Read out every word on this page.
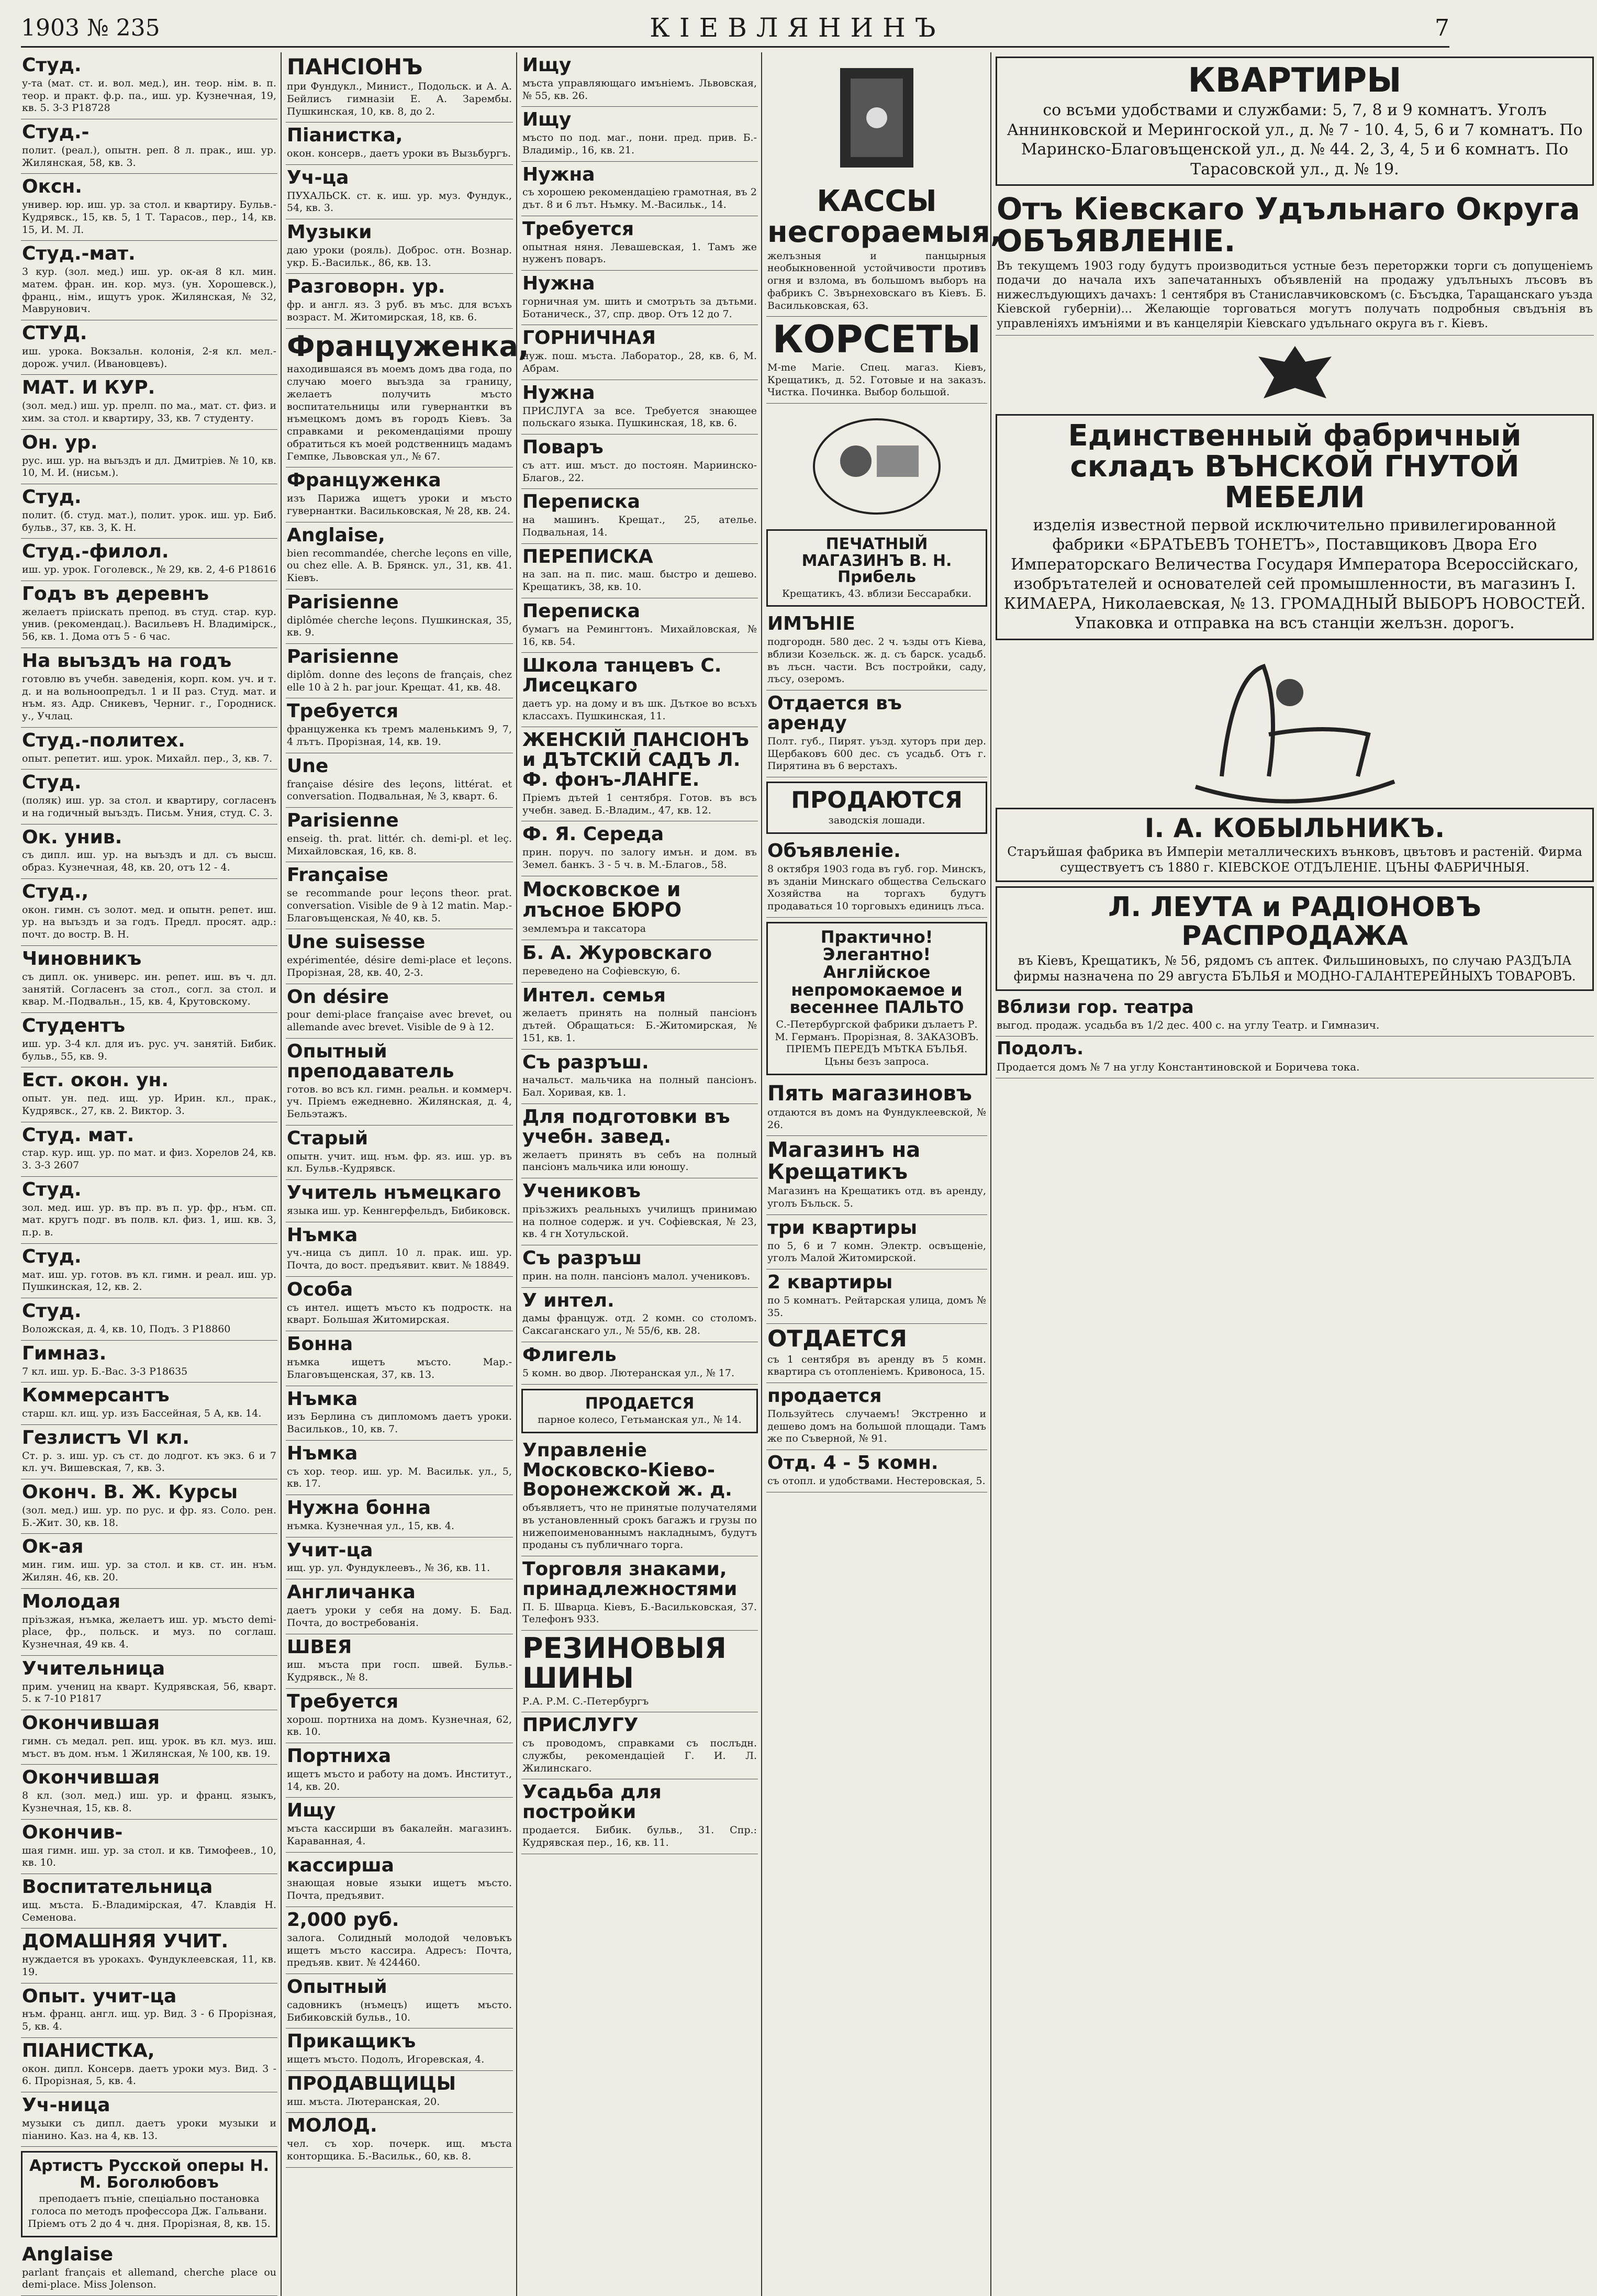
1903 № 235	КIЕВЛЯНИНЪ	7
Студ.

у-та (мат. ст. и. вол. мед.), ин. теор. нiм. в. п. теор. и практ. ф.р. па., иш. ур. Кузнечная, 19, кв. 5. 3-3 Р18728

Студ.-

полит. (реал.), опытн. реп. 8 л. прак., иш. ур. Жилянская, 58, кв. 3.

Оксн.

универ. юр. иш. ур. за стол. и квартиру. Бульв.-Кудрявск., 15, кв. 5, 1 Т. Тарасов., пер., 14, кв. 15, И. М. Л.

Студ.-мат.

3 кур. (зол. мед.) иш. ур. ок-ая 8 кл. мин. матем. фран. ин. кор. муз. (ун. Хорошевск.), франц., нiм., ищутъ урок. Жилянская, № 32, Маврунович.

СТУД.

иш. урока. Вокзальн. колонiя, 2-я кл. мел.-дорож. учил. (Ивановцевъ).

МАТ. И КУР.

(зол. мед.) иш. ур. прелп. по ма., мат. ст. физ. и хим. за стол. и квартиру, 33, кв. 7 студенту.

Он. ур.

рус. иш. ур. на выъздъ и дл. Дмитрiев. № 10, кв. 10, М. И. (ниcьм.).

Студ.

полит. (б. студ. мат.), полит. урок. иш. ур. Биб. бульв., 37, кв. 3, К. Н.

Студ.-филол.

иш. ур. урок. Гоголевск., № 29, кв. 2, 4-6 Р18616

Годъ въ деревнъ

желаетъ прiискать препод. въ студ. стар. кур. унив. (рекомендац.). Васильевъ Н. Владимiрск., 56, кв. 1. Дома отъ 5 - 6 час.

На выъздъ на годъ

готовлю въ учебн. заведенiя, корп. ком. уч. и т. д. и на вольноопредъл. 1 и II раз. Студ. мат. и нъм. яз. Адр. Сникевъ, Черниг. г., Городниск. у., Учлац.

Студ.-политех.

опыт. репетит. иш. урок. Михайл. пер., 3, кв. 7.

Студ.

(поляк) иш. ур. за стол. и квартиру, согласенъ и на годичный выъздъ. Письм. Уния, студ. С. 3.

Ок. унив.

съ дипл. иш. ур. на выъздъ и дл. съ высш. образ. Кузнечная, 48, кв. 20, отъ 12 - 4.

Студ.,

окон. гимн. съ золот. мед. и опытн. репет. иш. ур. на выъздъ и за годъ. Предл. просят. адр.: почт. до востр. В. Н.

Чиновникъ

съ дипл. ок. универс. ин. репет. иш. въ ч. дл. занятiй. Согласенъ за стол., согл. за стол. и квар. М.-Подвальн., 15, кв. 4, Крутовскому.

Студентъ

иш. ур. 3-4 кл. для иъ. рус. уч. занятiй. Бибик. бульв., 55, кв. 9.

Ест. окон. ун.

опыт. ун. пед. ищ. ур. Ирин. кл., прак., Кудрявск., 27, кв. 2. Виктор. 3.

Студ. мат.

стар. кур. ищ. ур. по мат. и физ. Хорелов 24, кв. 3. 3-3 2607

Студ.

зол. мед. иш. ур. въ пр. въ п. ур. фр., нъм. сп. мат. кругъ подг. въ полв. кл. физ. 1, иш. кв. 3, п.р. в.

Студ.

мат. иш. ур. готов. въ кл. гимн. и реал. иш. ур. Пушкинская, 12, кв. 2.

Студ.

Воложская, д. 4, кв. 10, Подъ. 3 Р18860

Гимназ.

7 кл. иш. ур. Б.-Вас. 3-3 Р18635

Коммерсантъ

старш. кл. ищ. ур. изъ Бассейная, 5 А, кв. 14.

Гезлистъ VI кл.

Ст. р. з. иш. ур. съ ст. до лодгот. къ экз. 6 и 7 кл. уч. Вишевская, 7, кв. 3.

Оконч. В. Ж. Курсы

(зол. мед.) иш. ур. по рус. и фр. яз. Соло. рен. Б.-Жит. 30, кв. 18.

Ок-ая

мин. гим. иш. ур. за стол. и кв. ст. ин. нъм. Жилян. 46, кв. 20.

Молодая

прiъзжая, нъмка, желаетъ иш. ур. мъсто demi-place, фр., польск. и муз. по соглаш. Кузнечная, 49 кв. 4.

Учительница

прим. учениц на кварт. Кудрявская, 56, кварт. 5. к 7-10 Р1817

Окончившая

гимн. съ медал. реп. ищ. урок. въ кл. муз. иш. мъст. въ дом. нъм. 1 Жилянская, № 100, кв. 19.

Окончившая

8 кл. (зол. мед.) иш. ур. и франц. языкъ, Кузнечная, 15, кв. 8.

Окончив-

шая гимн. иш. ур. за стол. и кв. Тимофеев., 10, кв. 10.

Воспитательница

ищ. мъста. Б.-Владимiрская, 47. Клавдiя Н. Семенова.

ДОМАШНЯЯ УЧИТ.

нуждается въ урокахъ. Фундуклеевская, 11, кв. 19.

Опыт. учит-ца

нъм. франц. англ. ищ. ур. Вид. 3 - 6 Прорiзная, 5, кв. 4.

ПIАНИСТКА,

окон. дипл. Консерв. даетъ уроки муз. Вид. 3 - 6. Прорiзная, 5, кв. 4.

Уч-ница

музыки съ дипл. даетъ уроки музыки и пiанино. Каз. на 4, кв. 13.

Артистъ Русской оперы Н. М. Боголюбовъ

преподаетъ пънiе, спецiально постановка голоса по методъ профессора Дж. Гальвани. Прiемъ отъ 2 до 4 ч. дня. Прорiзная, 8, кв. 15.

Anglaise

parlant français et allemand, cherche place ou demi-place. Miss Jolenson.

ПАНСIОНЪ

при Фундукл., Минист., Подольск. и А. А. Бейлисъ гимназiи Е. А. Зарембы. Пушкинская, 10, кв. 8, до 2.

Пiанистка,

окон. консерв., даетъ уроки въ Вызьбургъ.

Уч-ца

ПУХАЛЬСК. ст. к. иш. ур. муз. Фундук., 54, кв. 3.

Музыки

даю уроки (рояль). Доброс. отн. Вознар. укр. Б.-Васильк., 86, кв. 13.

Разговорн. ур.

фр. и англ. яз. 3 руб. въ мъс. для всъхъ возраст. М. Житомирская, 18, кв. 6.

Француженка,

находившаяся въ моемъ домъ два года, по случаю моего выъзда за границу, желаетъ получить мъсто воспитательницы или гувернантки въ нъмецкомъ домъ въ городъ Кiевъ. За справками и рекомендацiями прошу обратиться къ моей родственницъ мадамъ Гемпке, Львовская ул., № 67.

Француженка

изъ Парижа ищетъ уроки и мъсто гувернантки. Васильковская, № 28, кв. 24.

Anglaise,

bien recommandée, cherche leçons en ville, ou chez elle. A. B. Брянск. ул., 31, кв. 41. Кiевъ.

Parisienne

diplômée cherche leçons. Пушкинская, 35, кв. 9.

Parisienne

diplôm. donne des leçons de français, chez elle 10 à 2 h. par jour. Крещат. 41, кв. 48.

Требуется

француженка къ тремъ маленькимъ 9, 7, 4 лътъ. Прорiзная, 14, кв. 19.

Une

française désire des leçons, littérat. et conversation. Подвальная, № 3, кварт. 6.

Parisienne

enseig. th. prat. littér. ch. demi-pl. et leç. Михайловская, 16, кв. 8.

Française

se recommande pour leçons theor. prat. conversation. Visible de 9 à 12 matin. Мар.-Благовъщенская, № 40, кв. 5.

Une suisesse

expérimentée, désire demi-place et leçons. Прорiзная, 28, кв. 40, 2-3.

On désire

pour demi-place française avec brevet, ou allemande avec brevet. Visible de 9 à 12.

Опытный преподаватель

готов. во всъ кл. гимн. реальн. и коммерч. уч. Прiемъ ежедневно. Жилянская, д. 4, Бельэтажъ.

Старый

опытн. учит. ищ. нъм. фр. яз. иш. ур. въ кл. Бульв.-Кудрявск.

Учитель нъмецкаго

языка иш. ур. Кеннгерфельдъ, Бибиковск.

Нъмка

уч.-ница съ дипл. 10 л. прак. иш. ур. Почта, до вост. предъявит. квит. № 18849.

Особа

съ интел. ищетъ мъсто къ подростк. на кварт. Большая Житомирская.

Бонна

нъмка ищетъ мъсто. Мар.-Благовъщенская, 37, кв. 13.

Нъмка

изъ Берлина съ дипломомъ даетъ уроки. Васильков., 10, кв. 7.

Нъмка

съ хор. теор. иш. ур. М. Васильк. ул., 5, кв. 17.

Нужна бонна

нъмка. Кузнечная ул., 15, кв. 4.

Учит-ца

ищ. ур. ул. Фундуклеевъ., № 36, кв. 11.

Англичанка

даетъ уроки у себя на дому. Б. Бад. Почта, до востребованiя.

ШВЕЯ

иш. мъста при госп. швей. Бульв.-Кудрявск., № 8.

Требуется

хорош. портниха на домъ. Кузнечная, 62, кв. 10.

Портниха

ищетъ мъсто и работу на домъ. Институт., 14, кв. 20.

Ищу

мъста кассирши въ бакалейн. магазинъ. Караванная, 4.

кассирша

знающая новые языки ищетъ мъсто. Почта, предъявит.

2,000 руб.

залога. Солидный молодой человъкъ ищетъ мъсто кассира. Адресъ: Почта, предъяв. квит. № 424460.

Опытный

садовникъ (нъмецъ) ищетъ мъсто. Бибиковскiй бульв., 10.

Прикащикъ

ищетъ мъсто. Подолъ, Игоревская, 4.

ПРОДАВЩИЦЫ

иш. мъста. Лютеранская, 20.

МОЛОД.

чел. съ хор. почерк. ищ. мъста конторщика. Б.-Васильк., 60, кв. 8.

Ищу

мъста управляющаго имънiемъ. Львовская, № 55, кв. 26.

Ищу

мъсто по под. маг., пони. пред. прив. Б.-Владимiр., 16, кв. 21.

Нужна

съ хорошею рекомендацiею грамотная, въ 2 дът. 8 и 6 лът. Нъмку. М.-Васильк., 14.

Требуется

опытная няня. Левашевская, 1. Тамъ же нуженъ поваръ.

Нужна

горничная ум. шить и смотръть за дътьми. Ботаническ., 37, спр. двор. Отъ 12 до 7.

ГОРНИЧНАЯ

нуж. пош. мъста. Лаборатор., 28, кв. 6, М. Абрам.

Нужна

ПРИСЛУГА за все. Требуется знающее польскаго языка. Пушкинская, 18, кв. 6.

Поваръ

съ атт. иш. мъст. до постоян. Мариинско-Благов., 22.

Переписка

на машинъ. Крещат., 25, ателье. Подвальная, 14.

ПЕРЕПИСКА

на зап. на п. пис. маш. быстро и дешево. Крещатикъ, 38, кв. 10.

Переписка

бумагъ на Ремингтонъ. Михайловская, № 16, кв. 54.

Школа танцевъ С. Лисецкаго

даетъ ур. на дому и въ шк. Дъткое во всъхъ классахъ. Пушкинская, 11.

ЖЕНСКIЙ ПАНСIОНЪ и ДЪТСКIЙ САДЪ Л. Ф. фонъ-ЛАНГЕ.

Прiемъ дътей 1 сентября. Готов. въ всъ учебн. завед. Б.-Владим., 47, кв. 12.

Ф. Я. Середа

прин. поруч. по залогу имън. и дом. въ Земел. банкъ. 3 - 5 ч. в. М.-Благов., 58.

Московское и лъсное БЮРО

землемъра и таксатора

Б. А. Журовскаго

переведено на Софiевскую, 6.

Интел. семья

желаетъ принять на полный пансiонъ дътей. Обращаться: Б.-Житомирская, № 151, кв. 1.

Съ разръш.

начальст. мальчика на полный пансiонъ. Бал. Хоривая, кв. 1.

Для подготовки въ учебн. завед.

желаетъ принять въ себъ на полный пансiонъ мальчика или юношу.

Учениковъ

прiъзжихъ реальныхъ училищъ принимаю на полное содерж. и уч. Софiевская, № 23, кв. 4 гн Хотульской.

Съ разръш

прин. на полн. пансiонъ малол. учениковъ.

У интел.

дамы француж. отд. 2 комн. со столомъ. Саксаганскаго ул., № 55/6, кв. 28.

Флигель

5 комн. во двор. Лютеранская ул., № 17.

ПРОДАЕТСЯ

парное колесо, Гетьманская ул., № 14.

Управленiе Московско-Кiево-Воронежской ж. д.

объявляетъ, что не принятые получателями въ установленный срокъ багажъ и грузы по нижепоименованнымъ накладнымъ, будутъ проданы съ публичнаго торга.

Торговля знаками, принадлежностями

П. Б. Шварца. Кiевъ, Б.-Васильковская, 37. Телефонъ 933.

РЕЗИНОВЫЯ ШИНЫ

Р.А. Р.М. С.-Петербургъ

ПРИСЛУГУ

съ проводомъ, справками съ послъдн. службы, рекомендацiей Г. И. Л. Жилинскаго.

Усадьба для постройки

продается. Бибик. бульв., 31. Спр.: Кудрявская пер., 16, кв. 11.

КАССЫ несгораемыя,

желъзныя и панцырныя необыкновенной устойчивости противъ огня и взлома, въ большомъ выборъ на фабрикъ С. Звърнеховскаго въ Кiевъ. Б. Васильковская, 63.

КОРСЕТЫ

M-me Marie. Спец. магаз. Кiевъ, Крещатикъ, д. 52. Готовые и на заказъ. Чистка. Починка. Выбор большой.

ПЕЧАТНЫЙ МАГАЗИНЪ В. Н. Прибель

Крещатикъ, 43. вблизи Бессарабки.

ИМЪНIЕ

подгородн. 580 дес. 2 ч. ъзды отъ Кiева, вблизи Козельск. ж. д. съ барск. усадьб. въ лъсн. части. Всъ постройки, саду, лъсу, озеромъ.

Отдается въ аренду

Полт. губ., Пирят. уъзд. хуторъ при дер. Щербаковъ 600 дес. съ усадьб. Отъ г. Пирятина въ 6 верстахъ.

ПРОДАЮТСЯ

заводскiя лошади.

Объявленiе.

8 октября 1903 года въ губ. гор. Минскъ, въ зданiи Минскаго общества Сельскаго Хозяйства на торгахъ будутъ продаваться 10 торговыхъ единицъ лъса.

Практично! Элегантно! Англiйское непромокаемое и весеннее ПАЛЬТО

С.-Петербургской фабрики дълаетъ Р. М. Германъ. Прорiзная, 8. ЗАКАЗОВЪ. ПРIЕМЪ ПЕРЕДЪ МЪТКА БЪЛЬЯ. Цъны безъ запроса.

Пять магазиновъ

отдаются въ домъ на Фундуклеевской, № 26.

Магазинъ на Крещатикъ

Магазинъ на Крещатикъ отд. въ аренду, уголъ Бъльск. 5.

три квартиры

по 5, 6 и 7 комн. Электр. освъщенiе, уголъ Малой Житомирской.

2 квартиры

по 5 комнатъ. Рейтарская улица, домъ № 35.

ОТДАЕТСЯ

съ 1 сентября въ аренду въ 5 комн. квартира съ отопленiемъ. Кривоноса, 15.

продается

Пользуйтесь случаемъ! Экстренно и дешево домъ на большой площади. Тамъ же по Съверной, № 91.

Отд. 4 - 5 комн.

съ отопл. и удобствами. Нестеровская, 5.

КВАРТИРЫ

со всъми удобствами и службами: 5, 7, 8 и 9 комнатъ. Уголъ Аннинковской и Мерингоской ул., д. № 7 - 10. 4, 5, 6 и 7 комнатъ. По Маринско-Благовъщенской ул., д. № 44. 2, 3, 4, 5 и 6 комнатъ. По Тарасовской ул., д. № 19.

Отъ Кiевскаго Удъльнаго Округа ОБЪЯВЛЕНIЕ.

Въ текущемъ 1903 году будутъ производиться устные безъ переторжки торги съ допущенiемъ подачи до начала ихъ запечатанныхъ объявленiй на продажу удълъныхъ лъсовъ въ нижеслъдующихъ дачахъ: 1 сентября въ Станиславчиковскомъ (с. Бъсъдка, Таращанскаго уъзда Кiевской губернiи)... Желающiе торговаться могутъ получать подробныя свъдънiя въ управленiяхъ имънiями и въ канцелярiи Кiевскаго удъльнаго округа въ г. Кiевъ.

Единственный фабричный складъ ВЪНСКОЙ ГНУТОЙ МЕБЕЛИ

изделiя известной первой исключительно привилегированной фабрики «БРАТЬЕВЪ ТОНЕТЪ», Поставщиковъ Двора Его Императорскаго Величества Государя Императора Всероссiйскаго, изобрътателей и основателей сей промышленности, въ магазинъ I. КИМАЕРА, Николаевская, № 13. ГРОМАДНЫЙ ВЫБОРЪ НОВОСТЕЙ. Упаковка и отправка на всъ станцiи желъзн. дорогъ.

I. А. КОБЫЛЬНИКЪ.

Старъйшая фабрика въ Имперiи металлическихъ вънковъ, цвътовъ и растенiй. Фирма существуетъ съ 1880 г. КIЕВСКОЕ ОТДЪЛЕНIЕ. ЦЪНЫ ФАБРИЧНЫЯ.

Л. ЛЕУТА и РАДIОНОВЪ РАСПРОДАЖА

въ Кiевъ, Крещатикъ, № 56, рядомъ съ аптек. Фильшиновыхъ, по случаю РАЗДЪЛА фирмы назначена по 29 августа БЪЛЬЯ и МОДНО-ГАЛАНТЕРЕЙНЫХЪ ТОВАРОВЪ.

Вблизи гор. театра

выгод. продаж. усадьба въ 1/2 дес. 400 с. на углу Театр. и Гимназич.

Подолъ.

Продается домъ № 7 на углу Константиновской и Боричева тока.
